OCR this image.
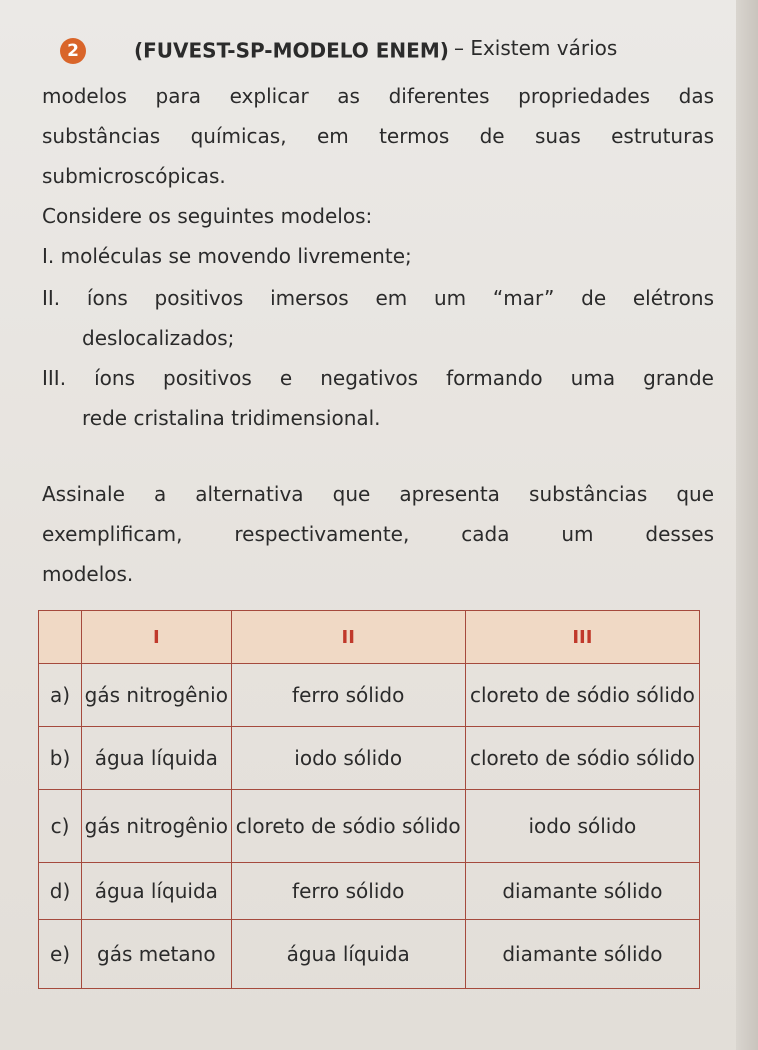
2	(FUVEST-SP-MODELO ENEM) – Existem vários
modelos para explicar as diferentes propriedades das
substâncias químicas, em termos de suas estruturas
submicroscópicas.
Considere os seguintes modelos:
I. moléculas se movendo livremente;
II. íons positivos imersos em um “mar” de elétrons
deslocalizados;
III. íons positivos e negativos formando uma grande
rede cristalina tridimensional.
Assinale a alternativa que apresenta substâncias que
exemplificam, respectivamente, cada um desses
modelos.
	I	II	III
a)	gás nitrogênio	ferro sólido	cloreto de sódio sólido
b)	água líquida	iodo sólido	cloreto de sódio sólido
c)	gás nitrogênio	cloreto de sódio sólido	iodo sólido
d)	água líquida	ferro sólido	diamante sólido
e)	gás metano	água líquida	diamante sólido
